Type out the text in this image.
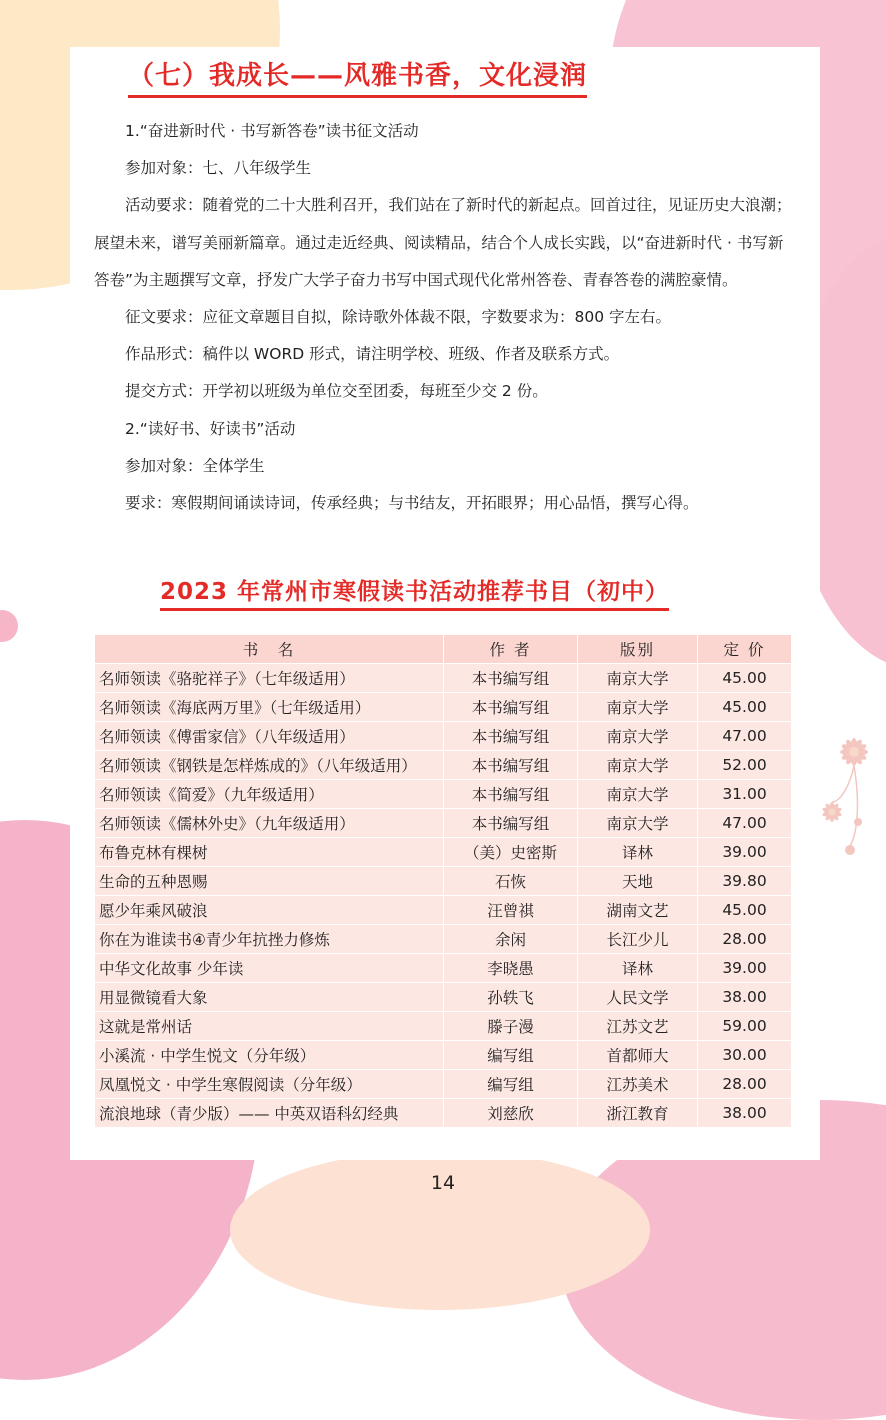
（七）我成长——风雅书香，文化浸润

1.“奋进新时代 · 书写新答卷”读书征文活动

参加对象：七、八年级学生

活动要求：随着党的二十大胜利召开，我们站在了新时代的新起点。回首过往，见证历史大浪潮；展望未来，谱写美丽新篇章。通过走近经典、阅读精品，结合个人成长实践，以“奋进新时代 · 书写新答卷”为主题撰写文章，抒发广大学子奋力书写中国式现代化常州答卷、青春答卷的满腔豪情。

征文要求：应征文章题目自拟，除诗歌外体裁不限，字数要求为：800 字左右。

作品形式：稿件以 WORD 形式，请注明学校、班级、作者及联系方式。

提交方式：开学初以班级为单位交至团委，每班至少交 2 份。

2.“读好书、好读书”活动

参加对象：全体学生

要求：寒假期间诵读诗词，传承经典；与书结友，开拓眼界；用心品悟，撰写心得。

2023 年常州市寒假读书活动推荐书目（初中）
书　名	作 者	版别	定 价
名师领读《骆驼祥子》（七年级适用）	本书编写组	南京大学	45.00
名师领读《海底两万里》（七年级适用）	本书编写组	南京大学	45.00
名师领读《傅雷家信》（八年级适用）	本书编写组	南京大学	47.00
名师领读《钢铁是怎样炼成的》（八年级适用）	本书编写组	南京大学	52.00
名师领读《简爱》（九年级适用）	本书编写组	南京大学	31.00
名师领读《儒林外史》（九年级适用）	本书编写组	南京大学	47.00
布鲁克林有棵树	（美）史密斯	译林	39.00
生命的五种恩赐	石恢	天地	39.80
愿少年乘风破浪	汪曾祺	湖南文艺	45.00
你在为谁读书④青少年抗挫力修炼	余闲	长江少儿	28.00
中华文化故事 少年读	李晓愚	译林	39.00
用显微镜看大象	孙轶飞	人民文学	38.00
这就是常州话	滕子漫	江苏文艺	59.00
小溪流 · 中学生悦文（分年级）	编写组	首都师大	30.00
凤凰悦文 · 中学生寒假阅读（分年级）	编写组	江苏美术	28.00
流浪地球（青少版）—— 中英双语科幻经典	刘慈欣	浙江教育	38.00
14
